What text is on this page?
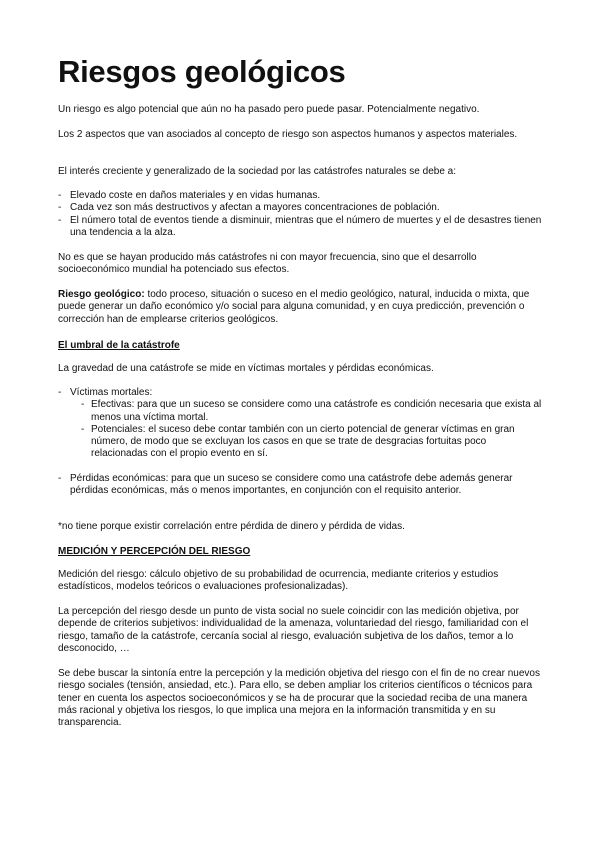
Riesgos geológicos

Un riesgo es algo potencial que aún no ha pasado pero puede pasar. Potencialmente negativo.

Los 2 aspectos que van asociados al concepto de riesgo son aspectos humanos y aspectos materiales.

El interés creciente y generalizado de la sociedad por las catástrofes naturales se debe a:

- Elevado coste en daños materiales y en vidas humanas.
- Cada vez son más destructivos y afectan a mayores concentraciones de población.
- El número total de eventos tiende a disminuir, mientras que el número de muertes y el de desastres tienen una tendencia a la alza.

No es que se hayan producido más catástrofes ni con mayor frecuencia, sino que el desarrollo socioeconómico mundial ha potenciado sus efectos.

Riesgo geológico: todo proceso, situación o suceso en el medio geológico, natural, inducida o mixta, que puede generar un daño económico y/o social para alguna comunidad, y en cuya predicción, prevención o corrección han de emplearse criterios geológicos.

El umbral de la catástrofe

La gravedad de una catástrofe se mide en víctimas mortales y pérdidas económicas.

- Víctimas mortales:
- Efectivas: para que un suceso se considere como una catástrofe es condición necesaria que exista al menos una víctima mortal.
- Potenciales: el suceso debe contar también con un cierto potencial de generar víctimas en gran número, de modo que se excluyan los casos en que se trate de desgracias fortuitas poco relacionadas con el propio evento en sí.
- Pérdidas económicas: para que un suceso se considere como una catástrofe debe además generar pérdidas económicas, más o menos importantes, en conjunción con el requisito anterior.

*no tiene porque existir correlación entre pérdida de dinero y pérdida de vidas.

MEDICIÓN Y PERCEPCIÓN DEL RIESGO

Medición del riesgo: cálculo objetivo de su probabilidad de ocurrencia, mediante criterios y estudios estadísticos, modelos teóricos o evaluaciones profesionalizadas).

La percepción del riesgo desde un punto de vista social no suele coincidir con las medición objetiva, por depende de criterios subjetivos: individualidad de la amenaza, voluntariedad del riesgo, familiaridad con el riesgo, tamaño de la catástrofe, cercanía social al riesgo, evaluación subjetiva de los daños, temor a lo desconocido, …

Se debe buscar la sintonía entre la percepción y la medición objetiva del riesgo con el fin de no crear nuevos riesgo sociales (tensión, ansiedad, etc.). Para ello, se deben ampliar los criterios científicos o técnicos para tener en cuenta los aspectos socioeconómicos y se ha de procurar que la sociedad reciba de una manera más racional y objetiva los riesgos, lo que implica una mejora en la información transmitida y en su transparencia.
